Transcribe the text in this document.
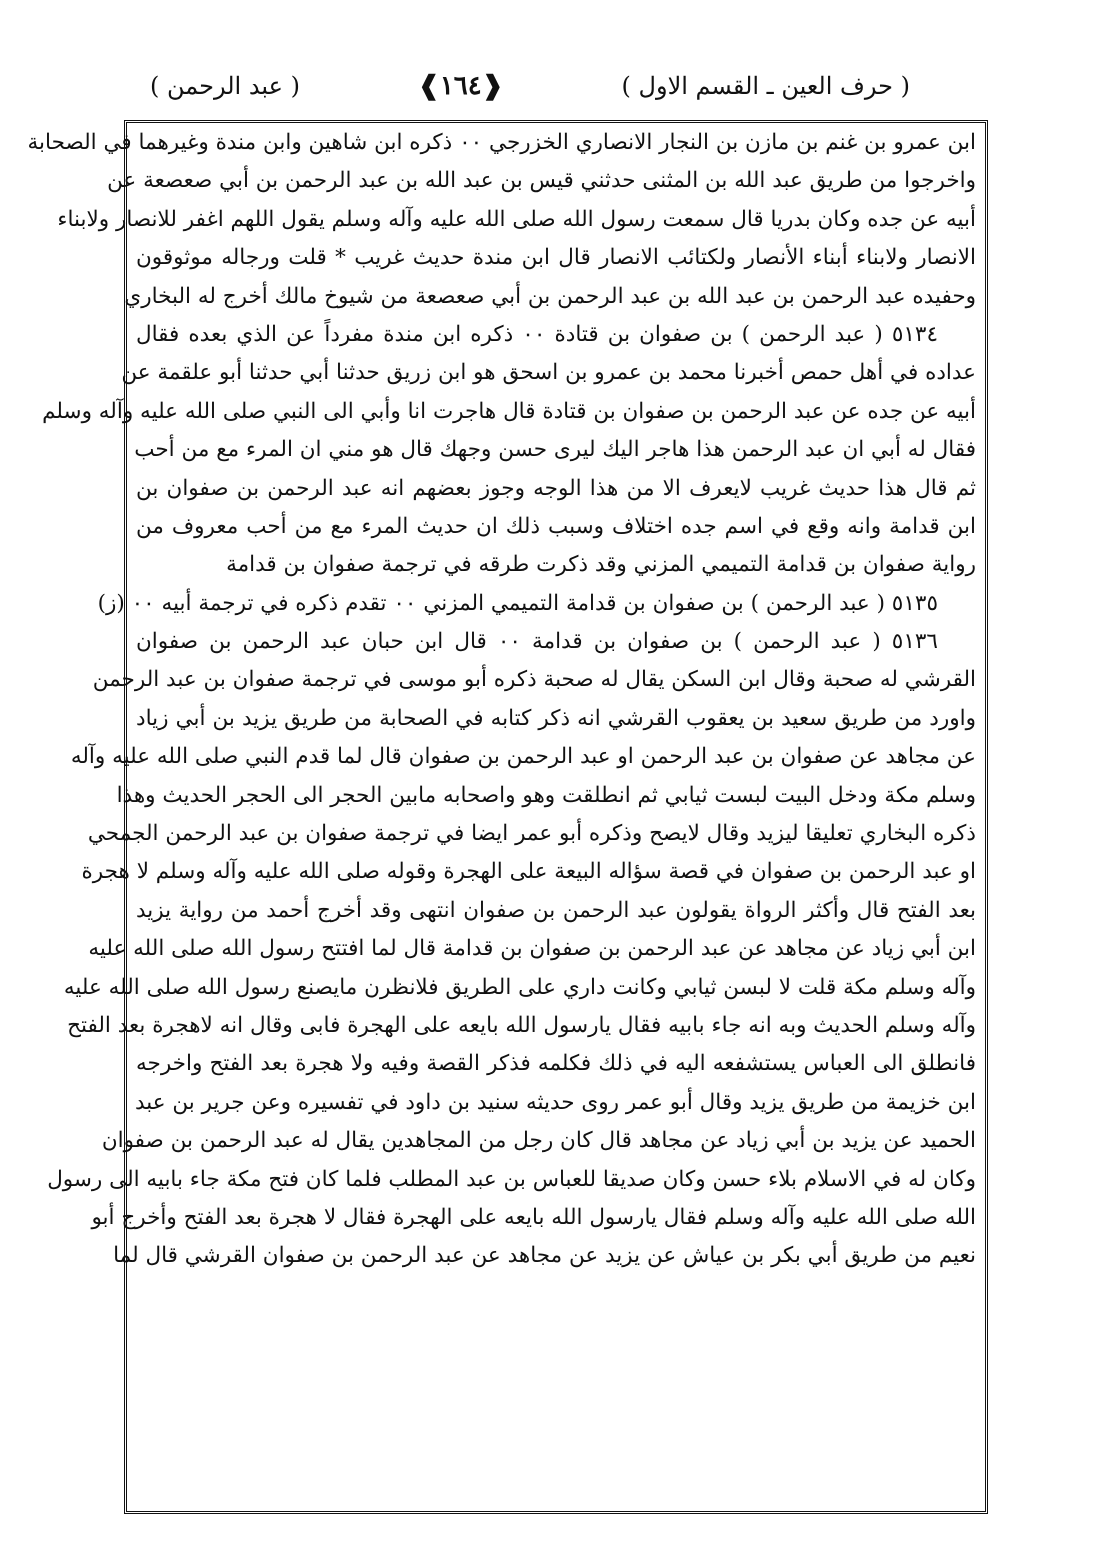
( حرف العين ـ القسم الاول )
❰١٦٤❱
( عبد الرحمن )
ابن عمرو بن غنم بن مازن بن النجار الانصاري الخزرجي ٠٠ ذكره ابن شاهين وابن مندة وغيرهما في الصحابة
واخرجوا من طريق عبد الله بن المثنى حدثني قيس بن عبد الله بن عبد الرحمن بن أبي صعصعة عن
أبيه عن جده وكان بدريا قال سمعت رسول الله صلى الله عليه وآله وسلم يقول اللهم اغفر للانصار ولابناء
الانصار ولابناء أبناء الأنصار ولكتائب الانصار قال ابن مندة حديث غريب * قلت ورجاله موثوقون
وحفيده عبد الرحمن بن عبد الله بن عبد الرحمن بن أبي صعصعة من شيوخ مالك أخرج له البخاري
٥١٣٤ ( عبد الرحمن ) بن صفوان بن قتادة ٠٠ ذكره ابن مندة مفرداً عن الذي بعده فقال
عداده في أهل حمص أخبرنا محمد بن عمرو بن اسحق هو ابن زريق حدثنا أبي حدثنا أبو علقمة عن
أبيه عن جده عن عبد الرحمن بن صفوان بن قتادة قال هاجرت انا وأبي الى النبي صلى الله عليه وآله وسلم
فقال له أبي ان عبد الرحمن هذا هاجر اليك ليرى حسن وجهك قال هو مني ان المرء مع من أحب
ثم قال هذا حديث غريب لايعرف الا من هذا الوجه وجوز بعضهم انه عبد الرحمن بن صفوان بن
ابن قدامة وانه وقع في اسم جده اختلاف وسبب ذلك ان حديث المرء مع من أحب معروف من
رواية صفوان بن قدامة التميمي المزني وقد ذكرت طرقه في ترجمة صفوان بن قدامة
٥١٣٥ ( عبد الرحمن ) بن صفوان بن قدامة التميمي المزني ٠٠ تقدم ذكره في ترجمة أبيه ٠٠ (ز)
٥١٣٦ ( عبد الرحمن ) بن صفوان بن قدامة ٠٠ قال ابن حبان عبد الرحمن بن صفوان
القرشي له صحبة وقال ابن السكن يقال له صحبة ذكره أبو موسى في ترجمة صفوان بن عبد الرحمن
واورد من طريق سعيد بن يعقوب القرشي انه ذكر كتابه في الصحابة من طريق يزيد بن أبي زياد
عن مجاهد عن صفوان بن عبد الرحمن او عبد الرحمن بن صفوان قال لما قدم النبي صلى الله عليه وآله
وسلم مكة ودخل البيت لبست ثيابي ثم انطلقت وهو واصحابه مابين الحجر الى الحجر الحديث وهذا
ذكره البخاري تعليقا ليزيد وقال لايصح وذكره أبو عمر ايضا في ترجمة صفوان بن عبد الرحمن الجمحي
او عبد الرحمن بن صفوان في قصة سؤاله البيعة على الهجرة وقوله صلى الله عليه وآله وسلم لا هجرة
بعد الفتح قال وأكثر الرواة يقولون عبد الرحمن بن صفوان انتهى وقد أخرج أحمد من رواية يزيد
ابن أبي زياد عن مجاهد عن عبد الرحمن بن صفوان بن قدامة قال لما افتتح رسول الله صلى الله عليه
وآله وسلم مكة قلت لا لبسن ثيابي وكانت داري على الطريق فلانظرن مايصنع رسول الله صلى الله عليه
وآله وسلم الحديث وبه انه جاء بابيه فقال يارسول الله بايعه على الهجرة فابى وقال انه لاهجرة بعد الفتح
فانطلق الى العباس يستشفعه اليه في ذلك فكلمه فذكر القصة وفيه ولا هجرة بعد الفتح واخرجه
ابن خزيمة من طريق يزيد وقال أبو عمر روى حديثه سنيد بن داود في تفسيره وعن جرير بن عبد
الحميد عن يزيد بن أبي زياد عن مجاهد قال كان رجل من المجاهدين يقال له عبد الرحمن بن صفوان
وكان له في الاسلام بلاء حسن وكان صديقا للعباس بن عبد المطلب فلما كان فتح مكة جاء بابيه الى رسول
الله صلى الله عليه وآله وسلم فقال يارسول الله بايعه على الهجرة فقال لا هجرة بعد الفتح وأخرج أبو
نعيم من طريق أبي بكر بن عياش عن يزيد عن مجاهد عن عبد الرحمن بن صفوان القرشي قال لما
